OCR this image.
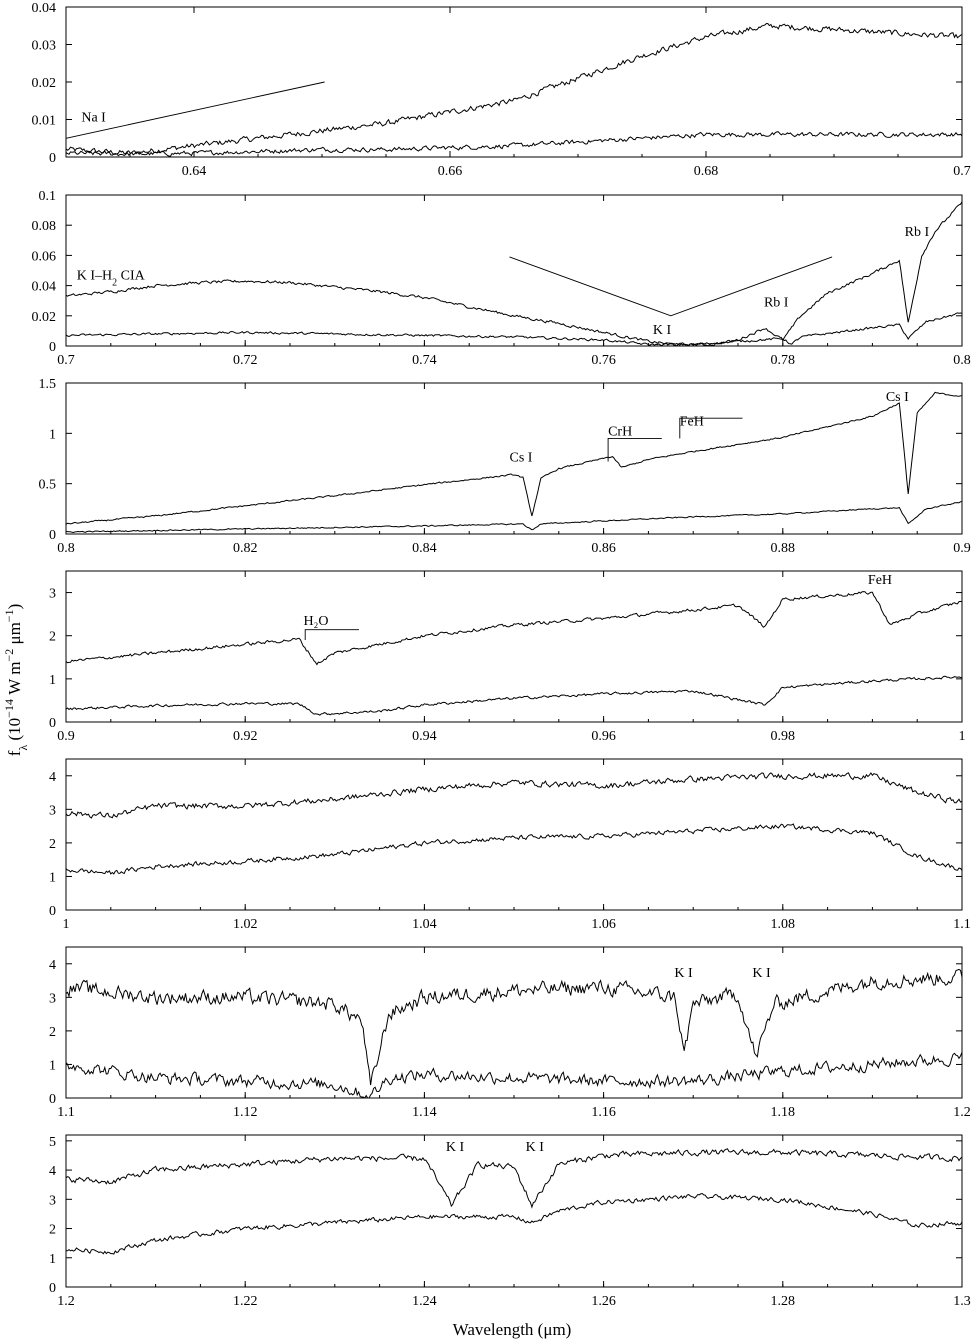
0.64	0.66	0.68	0.7
0
0.01
0.02
0.03
0.04
Na I
0.7	0.72	0.74	0.76	0.78	0.8
0
0.02
0.04
0.06
0.08
0.1
Rb I
Rb I
K I
K $I-H_2$ CIA
0.8	0.82	0.84	0.86	0.88	0.9
0
0.5
1
1.5
Cs I
CrH
FeH
Cs I
0.9	0.92	0.94	0.96	0.98	1
0
1
2
3
H₂O
FeH
1	1.02	1.04	1.06	1.08	1.1
0
1
2
3
4
1.1	1.12	1.14	1.16	1.18	1.2
0
1
2
3
4
K I	K I
1.2	1.22	1.24	1.26	1.28	1.3
0
1
2
3
4
5	K I	K I
$f_\lambda$ ($10^{-14}$ W $m^{-2}$ $\mu m^{-1}$)
Wavelength (μm)
